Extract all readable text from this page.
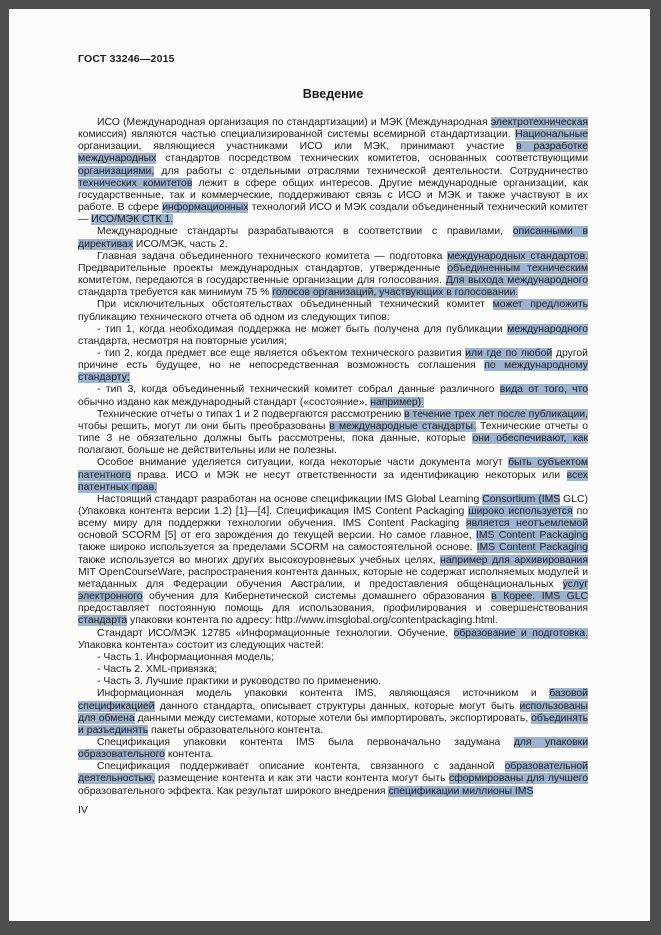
ГОСТ 33246—2015
Введение

ИСО (Международная организация по стандартизации) и МЭК (Международная электротехническая комиссия) являются частью специализированной системы всемирной стандартизации. Национальные организации, являющиеся участниками ИСО или МЭК, принимают участие в разработке международных стандартов посредством технических комитетов, основанных соответствующими организациями, для работы с отдельными отраслями технической деятельности. Сотрудничество технических комитетов лежит в сфере общих интересов. Другие международные организации, как государственные, так и коммерческие, поддерживают связь с ИСО и МЭК и также участвуют в их работе. В сфере информационных технологий ИСО и МЭК создали объединенный технический комитет — ИСО/МЭК СТК 1.

Международные стандарты разрабатываются в соответствии с правилами, описанными в директивах ИСО/МЭК, часть 2.

Главная задача объединенного технического комитета — подготовка международных стандартов. Предварительные проекты международных стандартов, утвержденные объединенным техническим комитетом, передаются в государственные организации для голосования. Для выхода международного стандарта требуется как минимум 75 % голосов организаций, участвующих в голосовании.

При исключительных обстоятельствах объединенный технический комитет может предложить публикацию технического отчета об одном из следующих типов:

- тип 1, когда необходимая поддержка не может быть получена для публикации международного стандарта, несмотря на повторные усилия;

- тип 2, когда предмет все еще является объектом технического развития или где по любой другой причине есть будущее, но не непосредственная возможность соглашения по международному стандарту;

- тип 3, когда объединенный технический комитет собрал данные различного вида от того, что обычно издано как международный стандарт («состояние», например).

Технические отчеты о типах 1 и 2 подвергаются рассмотрению в течение трех лет после публикации, чтобы решить, могут ли они быть преобразованы в международные стандарты. Технические отчеты о типе 3 не обязательно должны быть рассмотрены, пока данные, которые они обеспечивают, как полагают, больше не действительны или не полезны.

Особое внимание уделяется ситуации, когда некоторые части документа могут быть субъектом патентного права. ИСО и МЭК не несут ответственности за идентификацию некоторых или всех патентных прав.

Настоящий стандарт разработан на основе спецификации IMS Global Learning Consortium (IMS GLC) (Упаковка контента версии 1.2) [1]—[4]. Спецификация IMS Content Packaging широко используется по всему миру для поддержки технологии обучения. IMS Content Packaging является неотъемлемой основой SCORM [5] от его зарождения до текущей версии. Но самое главное, IMS Content Packaging также широко используется за пределами SCORM на самостоятельной основе. IMS Content Packaging также используется во многих других высокоуровневых учебных целях, например для архивирования MIT OpenCourseWare, распространения контента данных, которые не содержат исполняемых модулей и метаданных для Федерации обучения Австралии, и предоставления общенациональных услуг электронного обучения для Кибернетической системы домашнего образования в Корее. IMS GLC предоставляет постоянную помощь для использования, профилирования и совершенствования стандарта упаковки контента по адресу: http://www.imsglobal.org/contentpackaging.html.

Стандарт ИСО/МЭК 12785 «Информационные технологии. Обучение, образование и подготовка. Упаковка контента» состоит из следующих частей:

- Часть 1. Информационная модель;

- Часть 2. XML-привязка;

- Часть 3. Лучшие практики и руководство по применению.

Информационная модель упаковки контента IMS, являющаяся источником и базовой спецификацией данного стандарта, описывает структуры данных, которые могут быть использованы для обмена данными между системами, которые хотели бы импортировать, экспортировать, объединять и разъединять пакеты образовательного контента.

Спецификация упаковки контента IMS была первоначально задумана для упаковки образовательного контента.

Спецификация поддерживает описание контента, связанного с заданной образовательной деятельностью, размещение контента и как эти части контента могут быть сформированы для лучшего образовательного эффекта. Как результат широкого внедрения спецификации миллионы IMS

IV
